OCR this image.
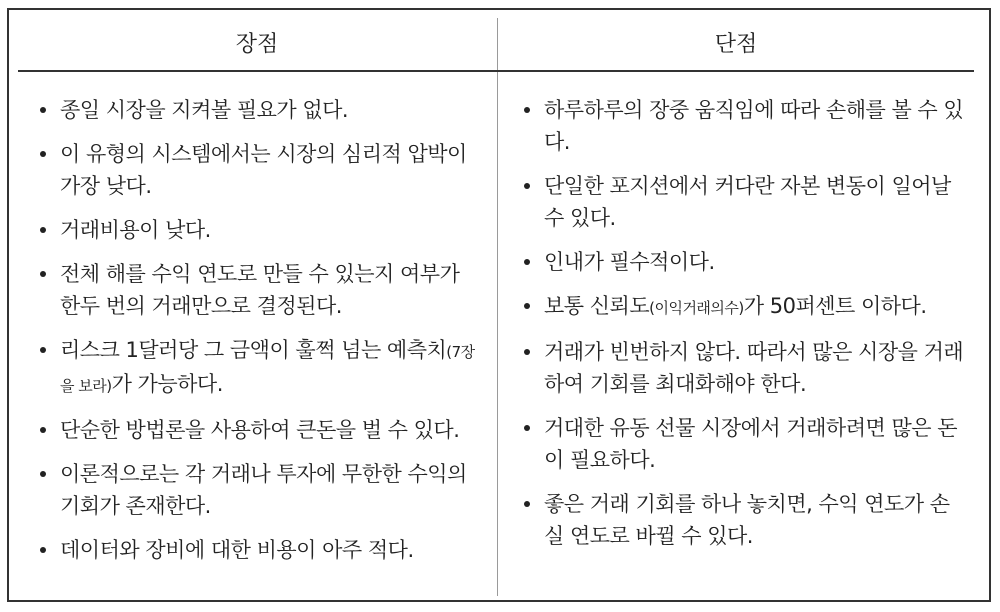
장점	단점
종일 시장을 지켜볼 필요가 없다.
이 유형의 시스템에서는 시장의 심리적 압박이 가장 낮다.
거래비용이 낮다.
전체 해를 수익 연도로 만들 수 있는지 여부가 한두 번의 거래만으로 결정된다.
리스크 1달러당 그 금액이 훌쩍 넘는 예측치(7장을 보라)가 가능하다.
단순한 방법론을 사용하여 큰돈을 벌 수 있다.
이론적으로는 각 거래나 투자에 무한한 수익의 기회가 존재한다.
데이터와 장비에 대한 비용이 아주 적다.
하루하루의 장중 움직임에 따라 손해를 볼 수 있다.
단일한 포지션에서 커다란 자본 변동이 일어날 수 있다.
인내가 필수적이다.
보통 신뢰도(이익거래의수)가 50퍼센트 이하다.
거래가 빈번하지 않다. 따라서 많은 시장을 거래하여 기회를 최대화해야 한다.
거대한 유동 선물 시장에서 거래하려면 많은 돈이 필요하다.
좋은 거래 기회를 하나 놓치면, 수익 연도가 손실 연도로 바뀔 수 있다.
